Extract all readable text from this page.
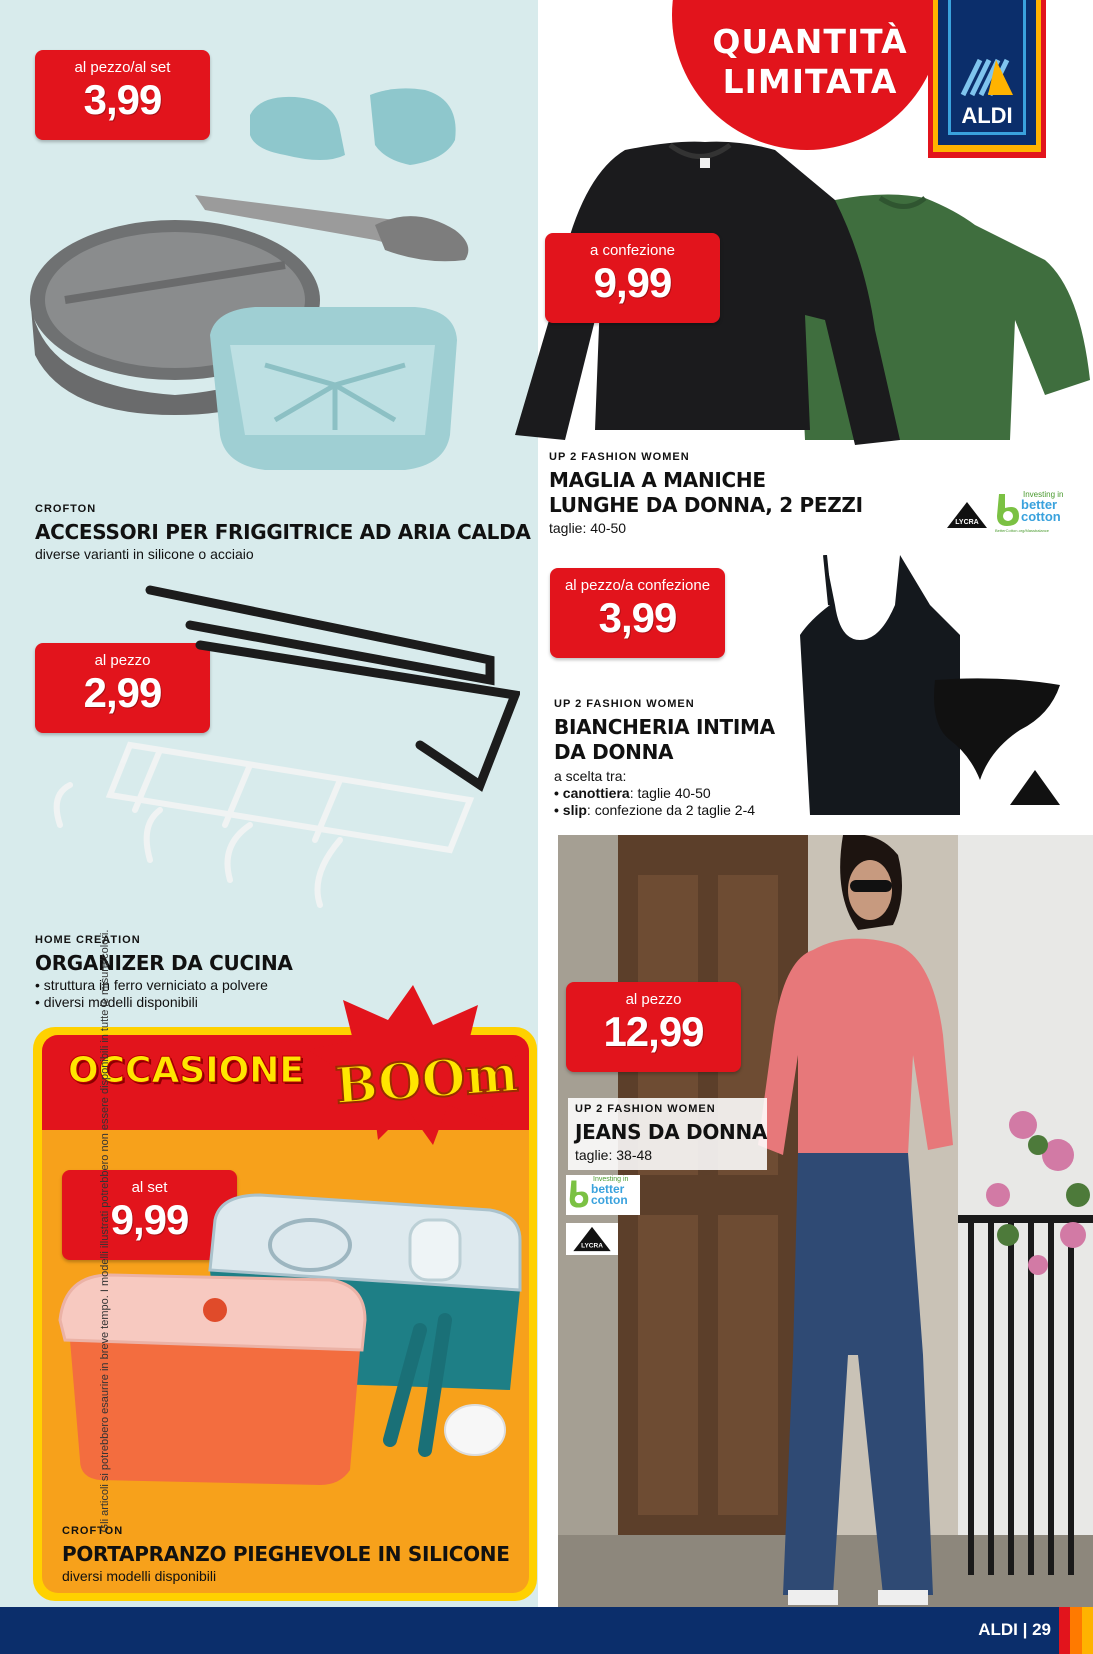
al pezzo/al set
3,99
CROFTON
ACCESSORI PER FRIGGITRICE AD ARIA CALDA
diverse varianti in silicone o acciaio
al pezzo
2,99
HOME CREATION
ORGANIZER DA CUCINA
• struttura in ferro verniciato a polvere
• diversi modelli disponibili
OCCASIONE BOOm
al set
9,99
CROFTON
PORTAPRANZO PIEGHEVOLE IN SILICONE
diversi modelli disponibili
Gli articoli si potrebbero esaurire in breve tempo. I modelli illustrati potrebbero non essere disponibili in tutte le misure/colori.
QUANTITÀ
LIMITATA
ALDI
a confezione
9,99
UP 2 FASHION WOMEN
MAGLIA A MANICHE
LUNGHE DA DONNA, 2 PEZZI
taglie: 40-50	LYCRA
Investing in
better cotton
BetterCotton.org/Massbalance
al pezzo/a confezione
3,99
UP 2 FASHION WOMEN
BIANCHERIA INTIMA
DA DONNA
a scelta tra:
• canottiera: taglie 40-50
• slip: confezione da 2 taglie 2-4
al pezzo
12,99
UP 2 FASHION WOMEN
JEANS DA DONNA
taglie: 38-48
Investing in
better cotton
LYCRA
ALDI | 29
